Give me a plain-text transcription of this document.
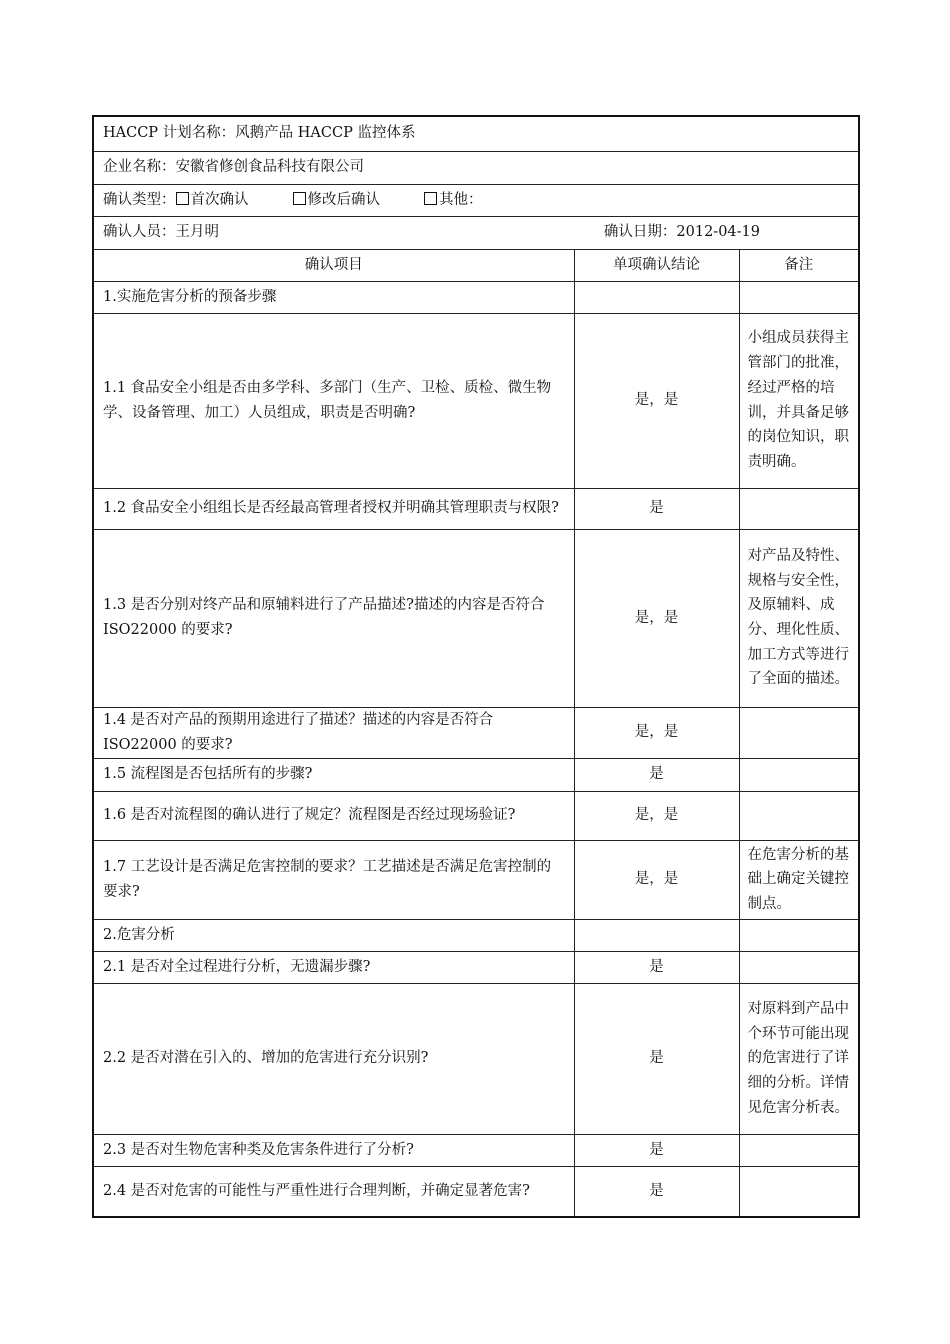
HACCP 计划名称：风鹅产品 HACCP 监控体系		
企业名称：安徽省修创食品科技有限公司		
确认类型： 首次确认 修改后确认 其他：		

确认人员：王月明 确认日期：2012-04-19		

确认项目	单项确认结论	备注
1.实施危害分析的预备步骤		
1.1 食品安全小组是否由多学科、多部门（生产、卫检、质检、微生物学、设备管理、加工）人员组成，职责是否明确?	是，是	小组成员获得主管部门的批准，经过严格的培训，并具备足够的岗位知识，职责明确。
1.2 食品安全小组组长是否经最高管理者授权并明确其管理职责与权限?	是	
1.3 是否分别对终产品和原辅料进行了产品描述?描述的内容是否符合 ISO22000 的要求?	是，是	对产品及特性、规格与安全性，及原辅料、成分、理化性质、加工方式等进行了全面的描述。
1.4 是否对产品的预期用途进行了描述？描述的内容是否符合 ISO22000 的要求?	是，是	
1.5 流程图是否包括所有的步骤?	是	
1.6 是否对流程图的确认进行了规定？流程图是否经过现场验证?	是，是	
1.7 工艺设计是否满足危害控制的要求？工艺描述是否满足危害控制的要求?	是，是	在危害分析的基础上确定关键控制点。
2.危害分析		
2.1 是否对全过程进行分析，无遗漏步骤?	是	
2.2 是否对潜在引入的、增加的危害进行充分识别?	是	对原料到产品中个环节可能出现的危害进行了详细的分析。详情见危害分析表。
2.3 是否对生物危害种类及危害条件进行了分析?	是	
2.4 是否对危害的可能性与严重性进行合理判断，并确定显著危害?	是	
